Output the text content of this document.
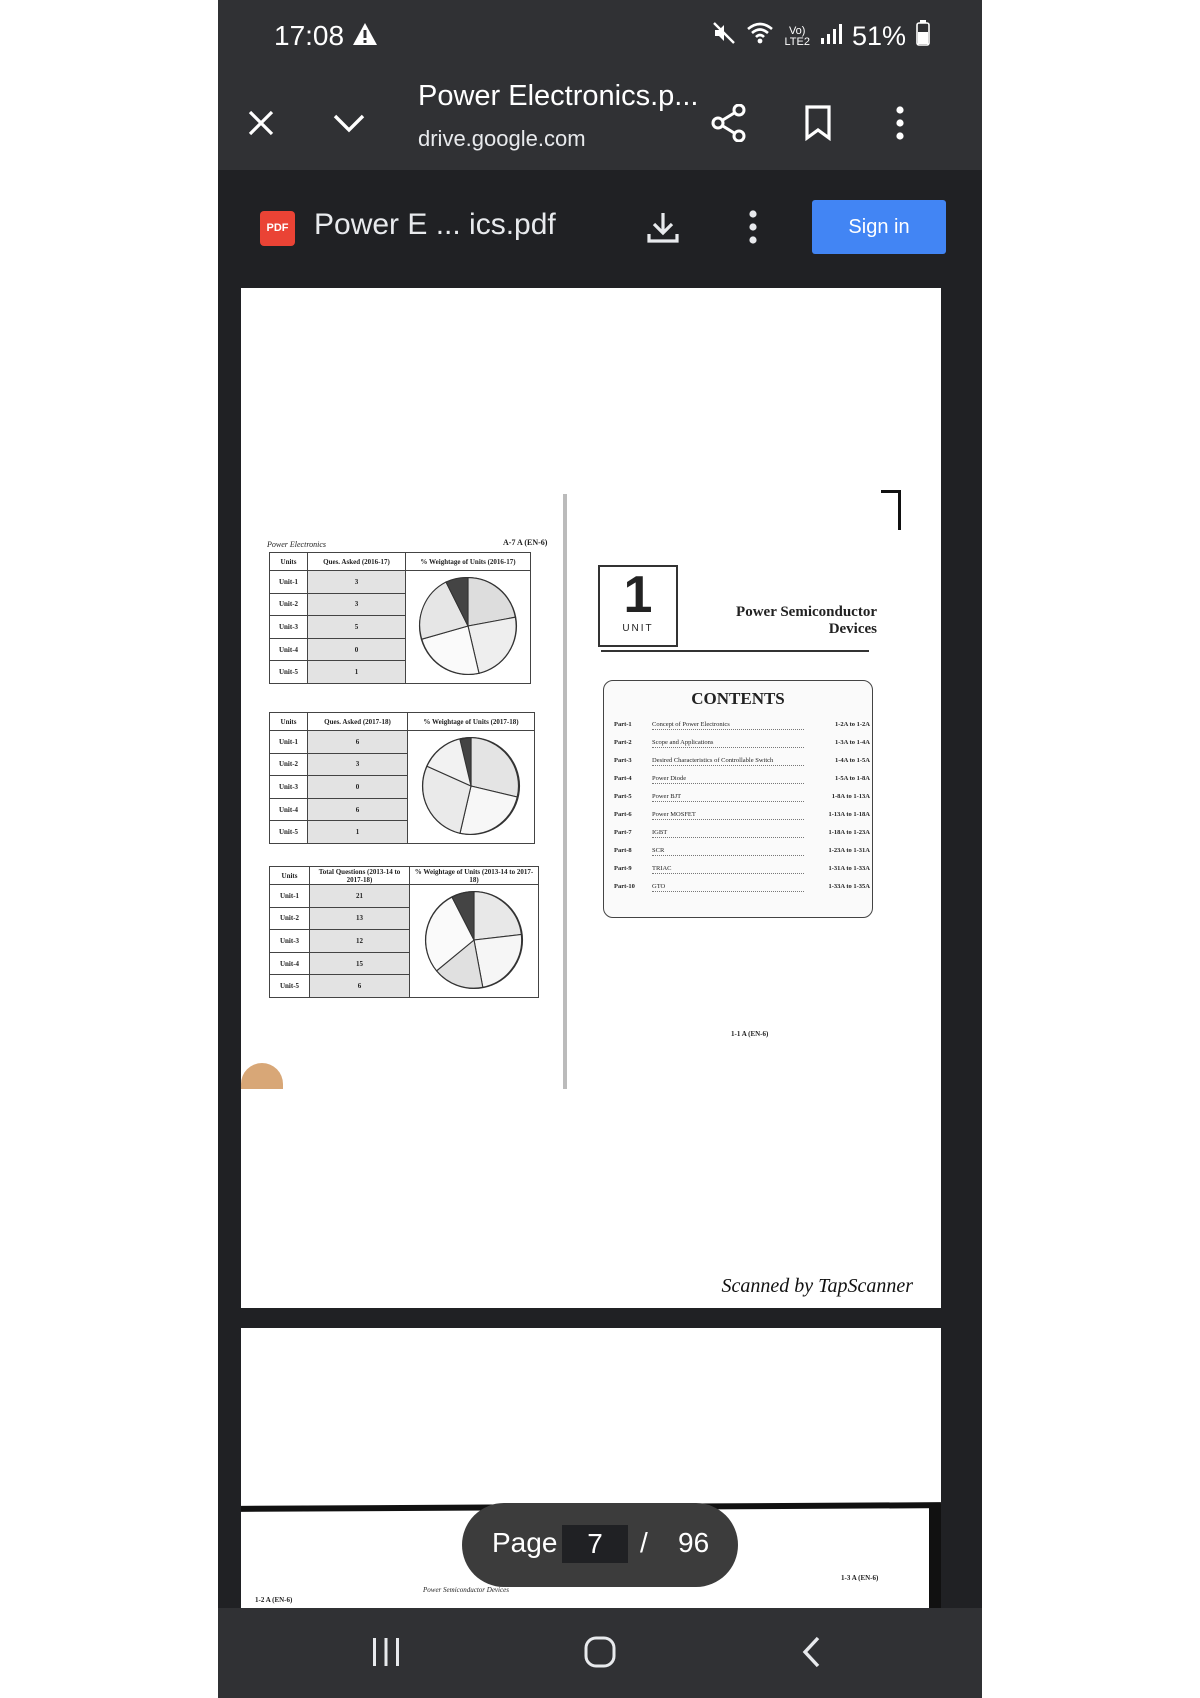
17:08	Vo)
LTE2 51%
Power Electronics.p...
drive.google.com
PDF Power E ... ics.pdf	Sign in
Power Electronics	A-7 A (EN-6)
Units	Ques. Asked (2016-17)	% Weightage of Units (2016-17)
Unit-1	3	
Unit-2	3	
Unit-3	5	
Unit-4	0	
Unit-5	1	
Units	Ques. Asked (2017-18)	% Weightage of Units (2017-18)
Unit-1	6	
Unit-2	3	
Unit-3	0	
Unit-4	6	
Unit-5	1	
Units	Total Questions (2013-14 to 2017-18)	% Weightage of Units (2013-14 to 2017-18)
Unit-1	21	
Unit-2	13	
Unit-3	12	
Unit-4	15	
Unit-5	6	
1
UNIT
Power Semiconductor
Devices
CONTENTS
Part-1	Concept of Power Electronics	1-2A to 1-2A
Part-2	Scope and Applications	1-3A to 1-4A
Part-3	Desired Characteristics of Controllable Switch	1-4A to 1-5A
Part-4	Power Diode	1-5A to 1-8A
Part-5	Power BJT	1-8A to 1-13A
Part-6	Power MOSFET	1-13A to 1-18A
Part-7	IGBT	1-18A to 1-23A
Part-8	SCR	1-23A to 1-31A
Part-9	TRIAC	1-31A to 1-33A
Part-10	GTO	1-33A to 1-35A
1-1 A (EN-6)
Scanned by TapScanner
1-2 A (EN-6)
Power Semiconductor Devices
1-3 A (EN-6)
Page	7	/ 96
